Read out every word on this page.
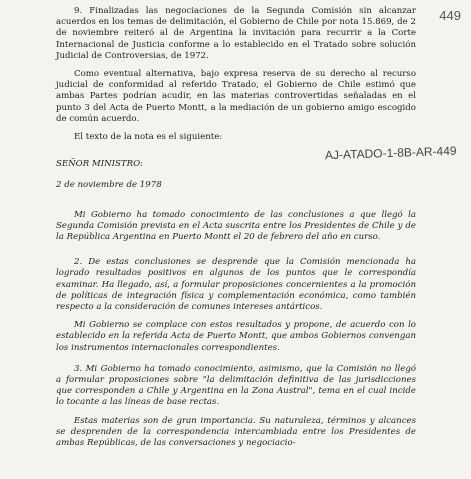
449
AJ-ATADO-1-8B-AR-449

9. Finalizadas las negociaciones de la Segunda Comisión sin alcanzar acuerdos en los temas de delimitación, el Gobierno de Chile por nota 15.869, de 2 de noviembre reiteró al de Argentina la invitación para recurrir a la Corte Internacional de Justicia conforme a lo establecido en el Tratado sobre solución Judicial de Controversias, de 1972.

Como eventual alternativa, bajo expresa reserva de su derecho al recurso judicial de conformidad al referido Tratado, el Gobierno de Chile estimó que ambas Partes podrían acudir, en las materias controvertidas señaladas en el punto 3 del Acta de Puerto Montt, a la mediación de un gobierno amigo escogido de común acuerdo.

El texto de la nota es el siguiente:

SEÑOR MINISTRO:

2 de noviembre de 1978

Mi Gobierno ha tomado conocimiento de las conclusiones a que llegó la Segunda Comisión prevista en el Acta suscrita entre los Presidentes de Chile y de la República Argentina en Puerto Montt el 20 de febrero del año en curso.

2. De estas conclusiones se desprende que la Comisión mencionada ha logrado resultados positivos en algunos de los puntos que le correspondía examinar. Ha llegado, así, a formular proposiciones concernientes a la promoción de políticas de integración física y complementación económica, como también respecto a la consideración de comunes intereses antárticos.

Mi Gobierno se complace con estos resultados y propone, de acuerdo con lo establecido en la referida Acta de Puerto Montt, que ambos Gobiernos convengan los instrumentos internacionales correspondientes.

3. Mi Gobierno ha tomado conocimiento, asimismo, que la Comisión no llegó a formular proposiciones sobre "la delimitación definitiva de las jurisdicciones que corresponden a Chile y Argentina en la Zona Austral", tema en el cual incide lo tocante a las líneas de base rectas.

Estas materias son de gran importancia. Su naturaleza, términos y alcances se desprenden de la correspondencia intercambiada entre los Presidentes de ambas Repúblicas, de las conversaciones y negociacio-
